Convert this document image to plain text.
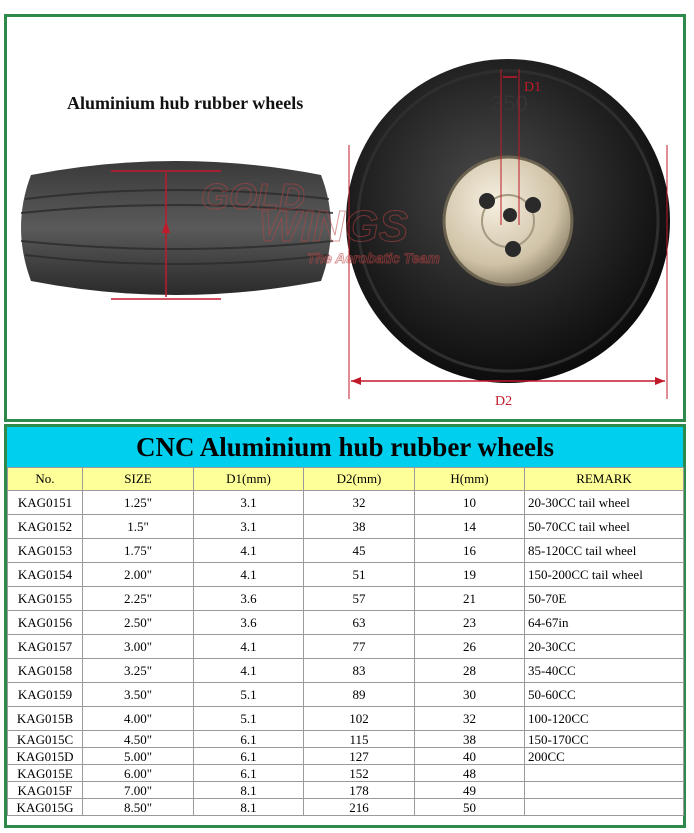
Aluminium hub rubber wheels
GOLD
350
D1
D2
WINGS
The Aerobatic Team
CNC Aluminium hub rubber wheels
No.	SIZE	D1(mm)	D2(mm)	H(mm)	REMARK
KAG0151	1.25"	3.1	32	10	20-30CC tail wheel
KAG0152	1.5"	3.1	38	14	50-70CC tail wheel
KAG0153	1.75"	4.1	45	16	85-120CC tail wheel
KAG0154	2.00"	4.1	51	19	150-200CC tail wheel
KAG0155	2.25"	3.6	57	21	50-70E
KAG0156	2.50"	3.6	63	23	64-67in
KAG0157	3.00"	4.1	77	26	20-30CC
KAG0158	3.25"	4.1	83	28	35-40CC
KAG0159	3.50"	5.1	89	30	50-60CC
KAG015B	4.00"	5.1	102	32	100-120CC
KAG015C	4.50"	6.1	115	38	150-170CC
KAG015D	5.00"	6.1	127	40	200CC
KAG015E	6.00"	6.1	152	48	
KAG015F	7.00"	8.1	178	49	
KAG015G	8.50"	8.1	216	50	
